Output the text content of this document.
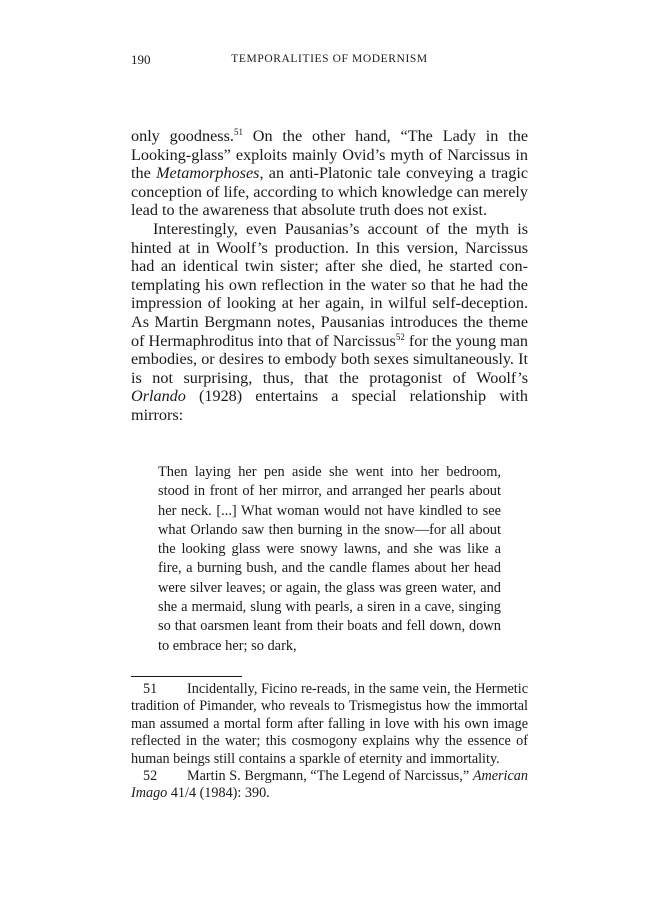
190	TEMPORALITIES OF MODERNISM

only goodness.$^{51}$ On the other hand, “The Lady in the Looking-glass” exploits mainly Ovid’s myth of Narcissus in the Metamorphoses, an anti-Platonic tale conveying a tragic conception of life, according to which knowledge can merely lead to the awareness that absolute truth does not exist.

Interestingly, even Pausanias’s account of the myth is hinted at in Woolf’s production. In this version, Narcissus had an identical twin sister; after she died, he started contemplating his own reflection in the water so that he had the impression of looking at her again, in wilful self-deception. As Martin Bergmann notes, Pausanias introduces the theme of Hermaphroditus into that of Narcissus$^{52}$ for the young man embodies, or desires to embody both sexes simultaneously. It is not surprising, thus, that the protagonist of Woolf’s Orlando (1928) entertains a special relationship with mirrors:

Then laying her pen aside she went into her bedroom, stood in front of her mirror, and arranged her pearls about her neck. [...] What woman would not have kindled to see what Orlando saw then burning in the snow—for all about the looking glass were snowy lawns, and she was like a fire, a burning bush, and the candle flames about her head were silver leaves; or again, the glass was green water, and she a mermaid, slung with pearls, a siren in a cave, singing so that oarsmen leant from their boats and fell down, down to embrace her; so dark,

51 Incidentally, Ficino re-reads, in the same vein, the Hermetic tradition of Pimander, who reveals to Trismegistus how the immortal man assumed a mortal form after falling in love with his own image reflected in the water; this cosmogony explains why the essence of human beings still contains a sparkle of eternity and immortality.

52 Martin S. Bergmann, “The Legend of Narcissus,” American Imago 41/4 (1984): 390.
